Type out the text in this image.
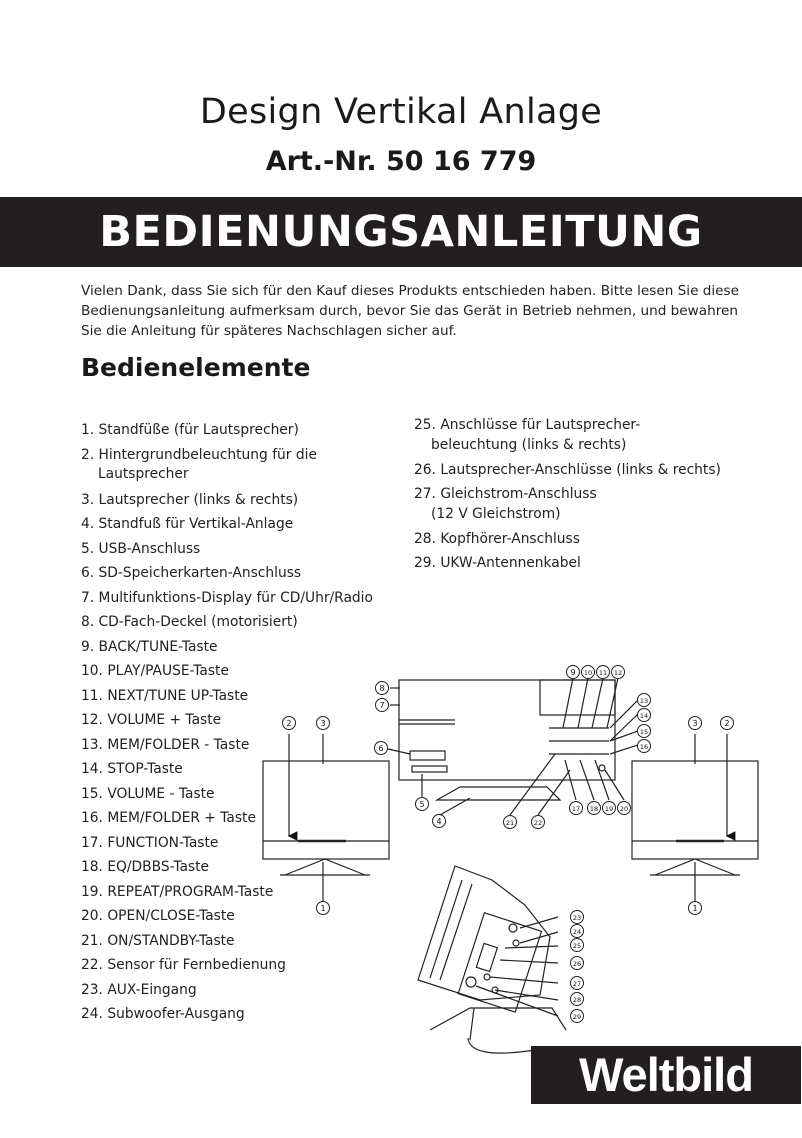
Design Vertikal Anlage
Art.-Nr. 50 16 779
BEDIENUNGSANLEITUNG
Vielen Dank, dass Sie sich für den Kauf dieses Produkts entschieden haben. Bitte lesen Sie diese Bedienungsanleitung aufmerksam durch, bevor Sie das Gerät in Betrieb nehmen, und bewahren Sie die Anleitung für späteres Nachschlagen sicher auf.
Bedienelemente
1. Standfüße (für Lautsprecher)
2. Hintergrundbeleuchtung für die
Lautsprecher
3. Lautsprecher (links & rechts)
4. Standfuß für Vertikal-Anlage
5. USB-Anschluss
6. SD-Speicherkarten-Anschluss
7. Multifunktions-Display für CD/Uhr/Radio
8. CD-Fach-Deckel (motorisiert)
9. BACK/TUNE-Taste
10. PLAY/PAUSE-Taste
11. NEXT/TUNE UP-Taste
12. VOLUME + Taste
13. MEM/FOLDER - Taste
14. STOP-Taste
15. VOLUME - Taste
16. MEM/FOLDER + Taste
17. FUNCTION-Taste
18. EQ/DBBS-Taste
19. REPEAT/PROGRAM-Taste
20. OPEN/CLOSE-Taste
21. ON/STANDBY-Taste
22. Sensor für Fernbedienung
23. AUX-Eingang
24. Subwoofer-Ausgang
25. Anschlüsse für Lautsprecher-
beleuchtung (links & rechts)
26. Lautsprecher-Anschlüsse (links & rechts)
27. Gleichstrom-Anschluss
(12 V Gleichstrom)
28. Kopfhörer-Anschluss
29. UKW-Antennenkabel
3
2
1
3	2
1
8
7
6
5
4
9 10 11 12
13
14
15
16
17 18 19 20
21	22
23
24
25
26
27
28
29
Weltbild
